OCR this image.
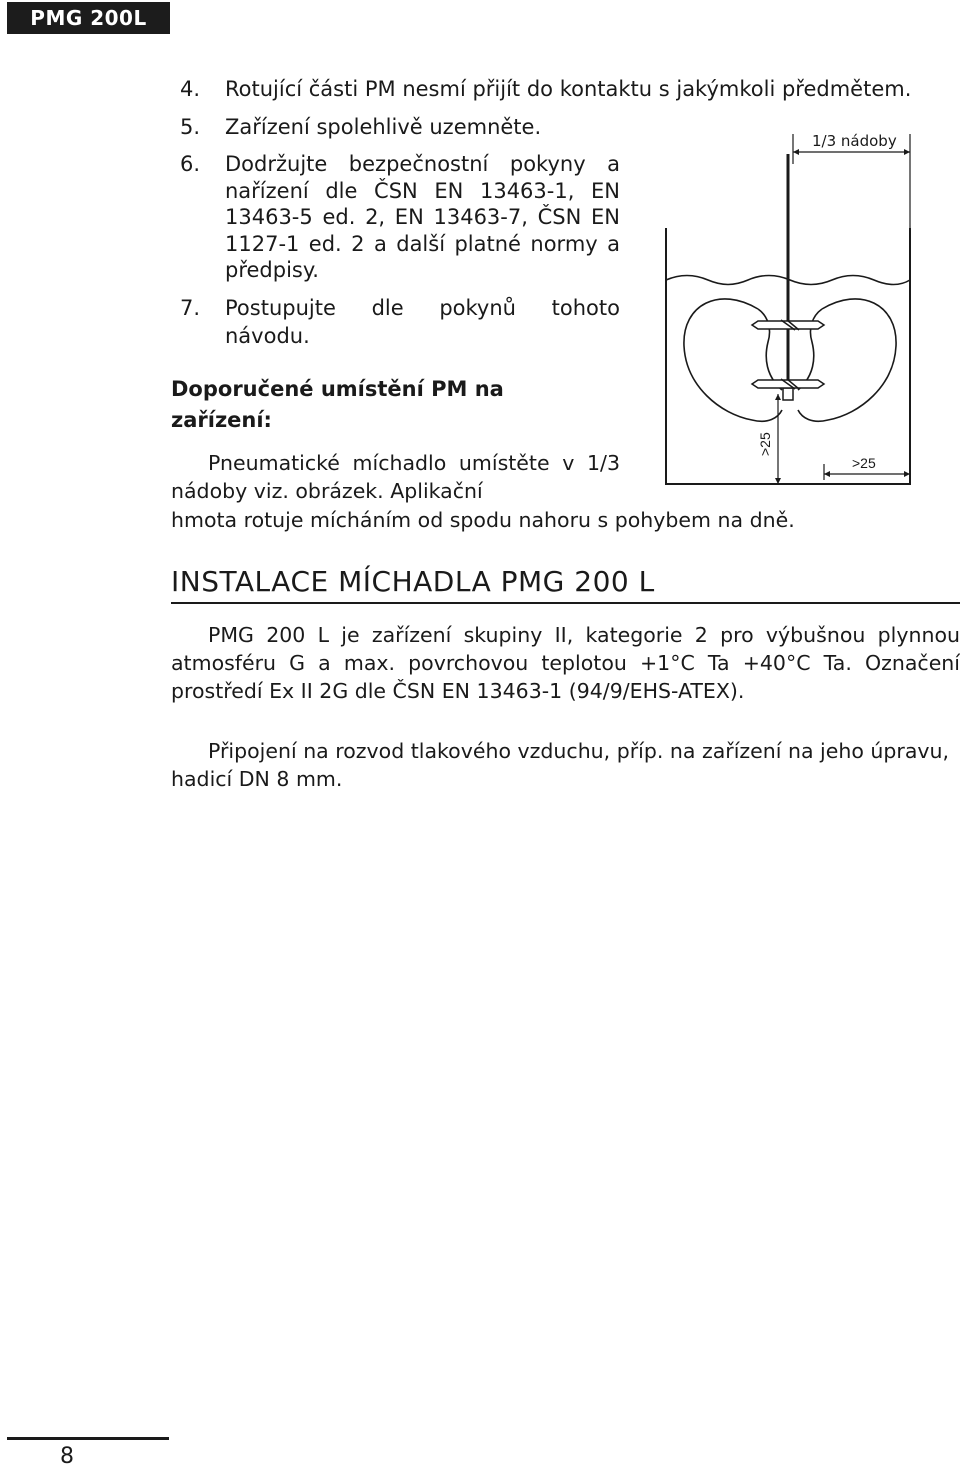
PMG 200L
4. Rotující části PM nesmí přijít do kontaktu s jakýmkoli předmětem.
5. Zařízení spolehlivě uzemněte.
6. Dodržujte bezpečnostní pokyny a nařízení dle ČSN EN 13463-1, EN 13463-5 ed. 2, EN 13463-7, ČSN EN 1127-1 ed. 2 a další platné normy a předpisy.
7. Postupujte dle pokynů tohoto návodu.
Doporučené umístění PM na zařízení:
Pneumatické míchadlo umístěte v 1/3 nádoby viz. obrázek. Aplikační
hmota rotuje mícháním od spodu nahoru s pohybem na dně.
1/3 nádoby
>25
>25
INSTALACE MÍCHADLA PMG 200 L
PMG 200 L je zařízení skupiny II, kategorie 2 pro výbušnou plynnou atmosféru G a max. povrchovou teplotou +1°C Ta +40°C Ta. Označení prostředí Ex II 2G dle ČSN EN 13463-1 (94/9/EHS-ATEX).
Připojení na rozvod tlakového vzduchu, příp. na zařízení na jeho úpravu, hadicí DN 8 mm.
8
